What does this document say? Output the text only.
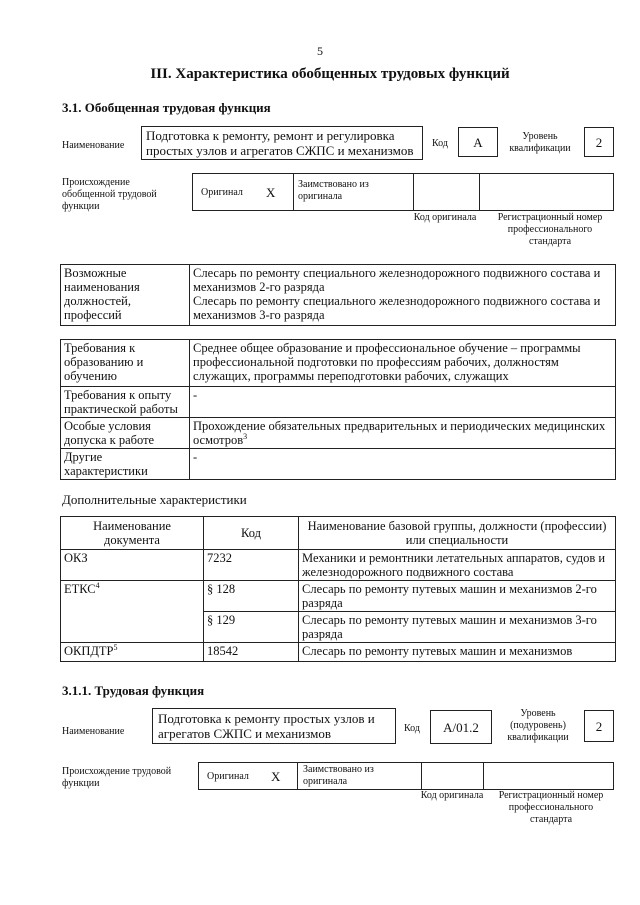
5
III. Характеристика обобщенных трудовых функций
3.1. Обобщенная трудовая функция
Наименование
Подготовка к ремонту, ремонт и регулировка простых узлов и агрегатов СЖПС и механизмов	Код	А	Уровень квалификации	2
Происхождение обобщенной трудовой функции
Оригинал X
Заимствовано из оригинала
Код оригинала	Регистрационный номер профессионального стандарта
Возможные наименования должностей, профессий	
Слесарь по ремонту специального железнодорожного подвижного состава и механизмов 2-го разряда
Слесарь по ремонту специального железнодорожного подвижного состава и механизмов 3-го разряда
Требования к образованию и обучению	Среднее общее образование и профессиональное обучение – программы профессиональной подготовки по профессиям рабочих, должностям служащих, программы переподготовки рабочих, служащих
Требования к опыту практической работы	-
Особые условия допуска к работе	Прохождение обязательных предварительных и периодических медицинских осмотров$^3$
Другие характеристики	-
Дополнительные характеристики
Наименование документа	Код	Наименование базовой группы, должности (профессии) или специальности
ОКЗ	7232	Механики и ремонтники летательных аппаратов, судов и железнодорожного подвижного состава
ЕТКС$^4$	§ 128	Слесарь по ремонту путевых машин и механизмов 2-го разряда
	§ 129	Слесарь по ремонту путевых машин и механизмов 3-го разряда
ОКПДТР$^5$	18542	Слесарь по ремонту путевых машин и механизмов
3.1.1. Трудовая функция
Наименование
Подготовка к ремонту простых узлов и агрегатов СЖПС и механизмов	Код	А/01.2
Уровень (подуровень) квалификации
2
Происхождение трудовой функции
Оригинал X Заимствовано из оригинала
Код оригинала	Регистрационный номер профессионального стандарта
